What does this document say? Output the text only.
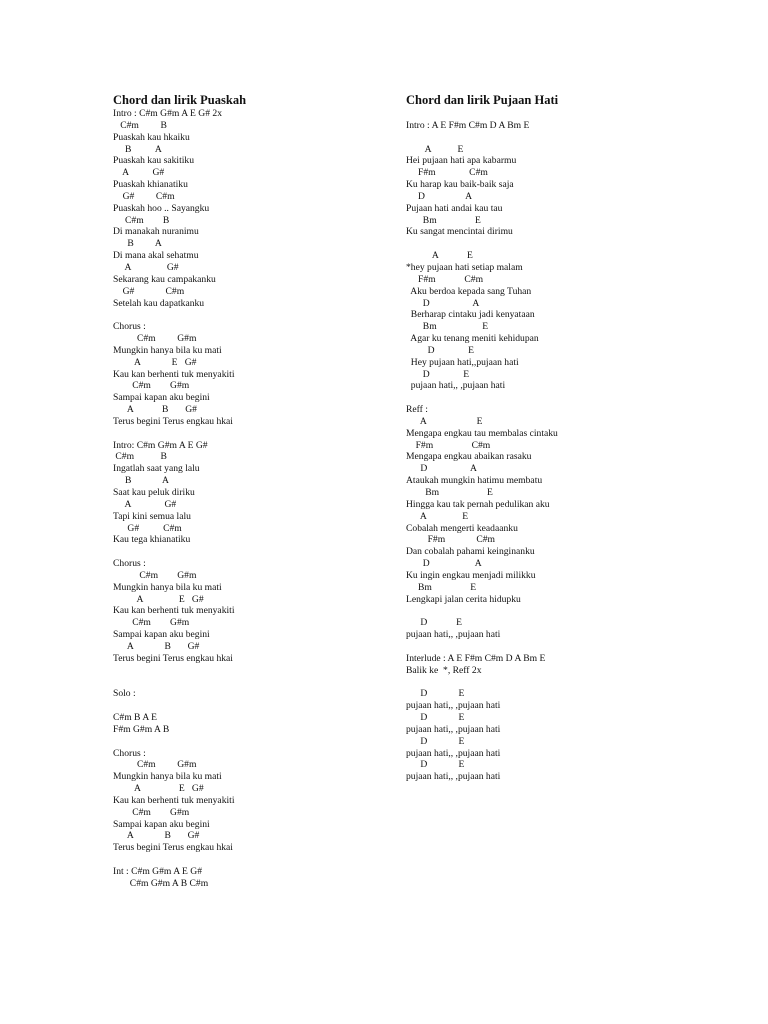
Chord dan lirik Puaskah
Intro : C#m G#m A E G# 2x
C#m         B
Puaskah kau hkaiku
B          A
Puaskah kau sakitiku
A          G#
Puaskah khianatiku
G#         C#m
Puaskah hoo .. Sayangku
C#m        B
Di manakah nuranimu
B         A
Di mana akal sehatmu
A               G#
Sekarang kau campakanku
G#             C#m
Setelah kau dapatkanku
Chorus :
C#m         G#m
Mungkin hanya bila ku mati
A             E   G#
Kau kan berhenti tuk menyakiti
C#m        G#m
Sampai kapan aku begini
A            B       G#
Terus begini Terus engkau hkai
Intro: C#m G#m A E G#
C#m           B
Ingatlah saat yang lalu
B             A
Saat kau peluk diriku
A              G#
Tapi kini semua lalu
G#          C#m
Kau tega khianatiku
Chorus :
C#m        G#m
Mungkin hanya bila ku mati
A               E   G#
Kau kan berhenti tuk menyakiti
C#m        G#m
Sampai kapan aku begini
A             B       G#
Terus begini Terus engkau hkai
Solo :
C#m B A E
F#m G#m A B
Chorus :
C#m         G#m
Mungkin hanya bila ku mati
A                E   G#
Kau kan berhenti tuk menyakiti
C#m        G#m
Sampai kapan aku begini
A             B       G#
Terus begini Terus engkau hkai
Int : C#m G#m A E G#
C#m G#m A B C#m
Chord dan lirik Pujaan Hati
Intro : A E F#m C#m D A Bm E
A           E
Hei pujaan hati apa kabarmu
F#m              C#m
Ku harap kau baik-baik saja
D                 A
Pujaan hati andai kau tau
Bm                E
Ku sangat mencintai dirimu
A            E
*hey pujaan hati setiap malam
F#m            C#m
Aku berdoa kepada sang Tuhan
D                  A
Berharap cintaku jadi kenyataan
Bm                   E
Agar ku tenang meniti kehidupan
D              E
Hey pujaan hati,,pujaan hati
D              E
pujaan hati,, ,pujaan hati
Reff :
A                     E
Mengapa engkau tau membalas cintaku
F#m                C#m
Mengapa engkau abaikan rasaku
D                  A
Ataukah mungkin hatimu membatu
Bm                    E
Hingga kau tak pernah pedulikan aku
A               E
Cobalah mengerti keadaanku
F#m             C#m
Dan cobalah pahami keinginanku
D                   A
Ku ingin engkau menjadi milikku
Bm                E
Lengkapi jalan cerita hidupku
D            E
pujaan hati,, ,pujaan hati
Interlude : A E F#m C#m D A Bm E
Balik ke  *, Reff 2x
D             E
pujaan hati,, ,pujaan hati
D             E
pujaan hati,, ,pujaan hati
D             E
pujaan hati,, ,pujaan hati
D             E
pujaan hati,, ,pujaan hati
